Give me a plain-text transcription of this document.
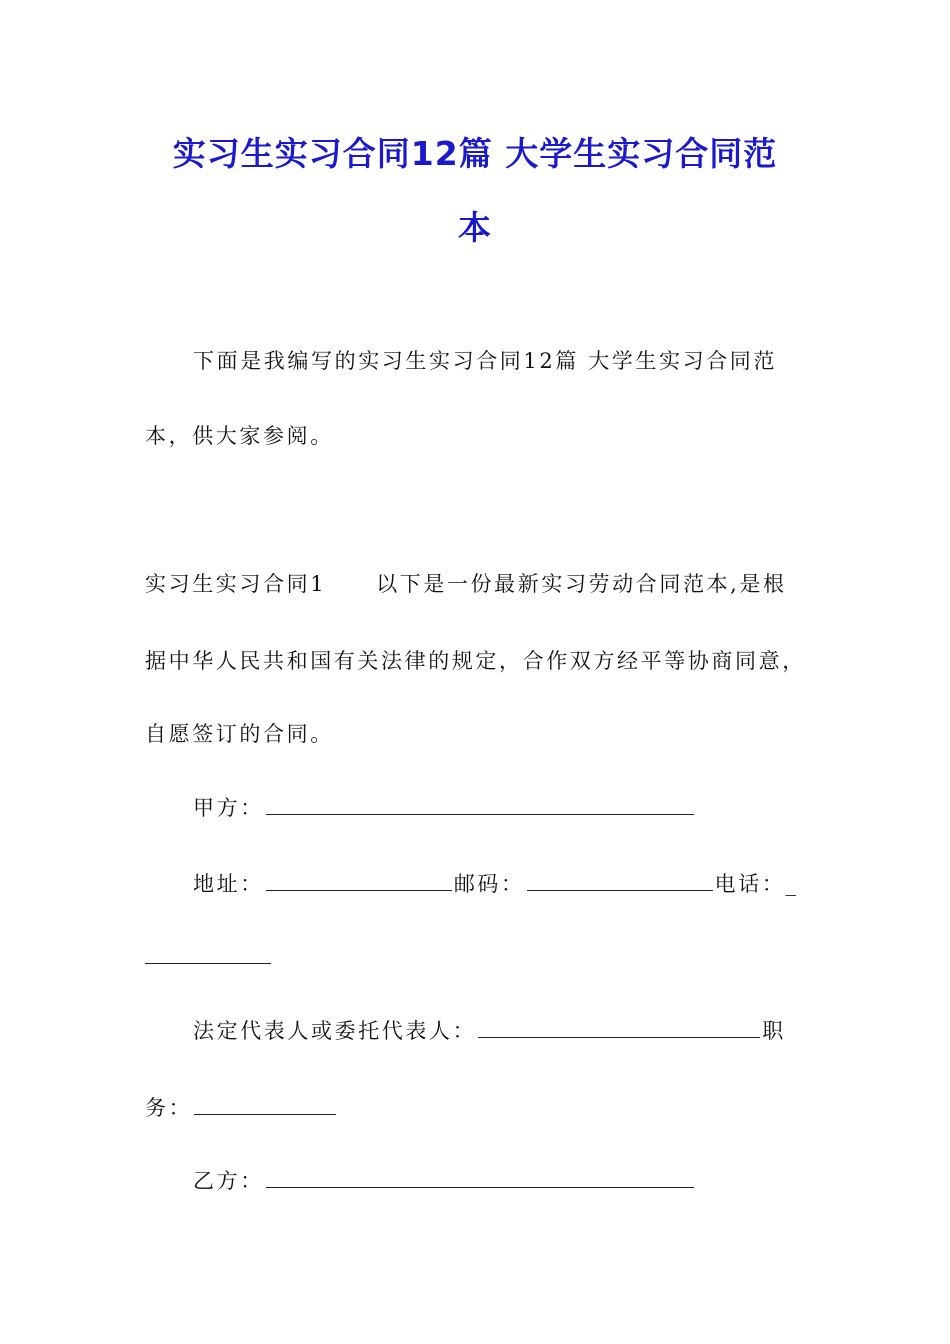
实习生实习合同12篇 大学生实习合同范
本
下面是我编写的实习生实习合同12篇 大学生实习合同范
本，供大家参阅。
实习生实习合同1 以下是一份最新实习劳动合同范本,是根
据中华人民共和国有关法律的规定，合作双方经平等协商同意，
自愿签订的合同。
甲方：
地址：	邮码：	电话：_
法定代表人或委托代表人：	职
务：
乙方：
